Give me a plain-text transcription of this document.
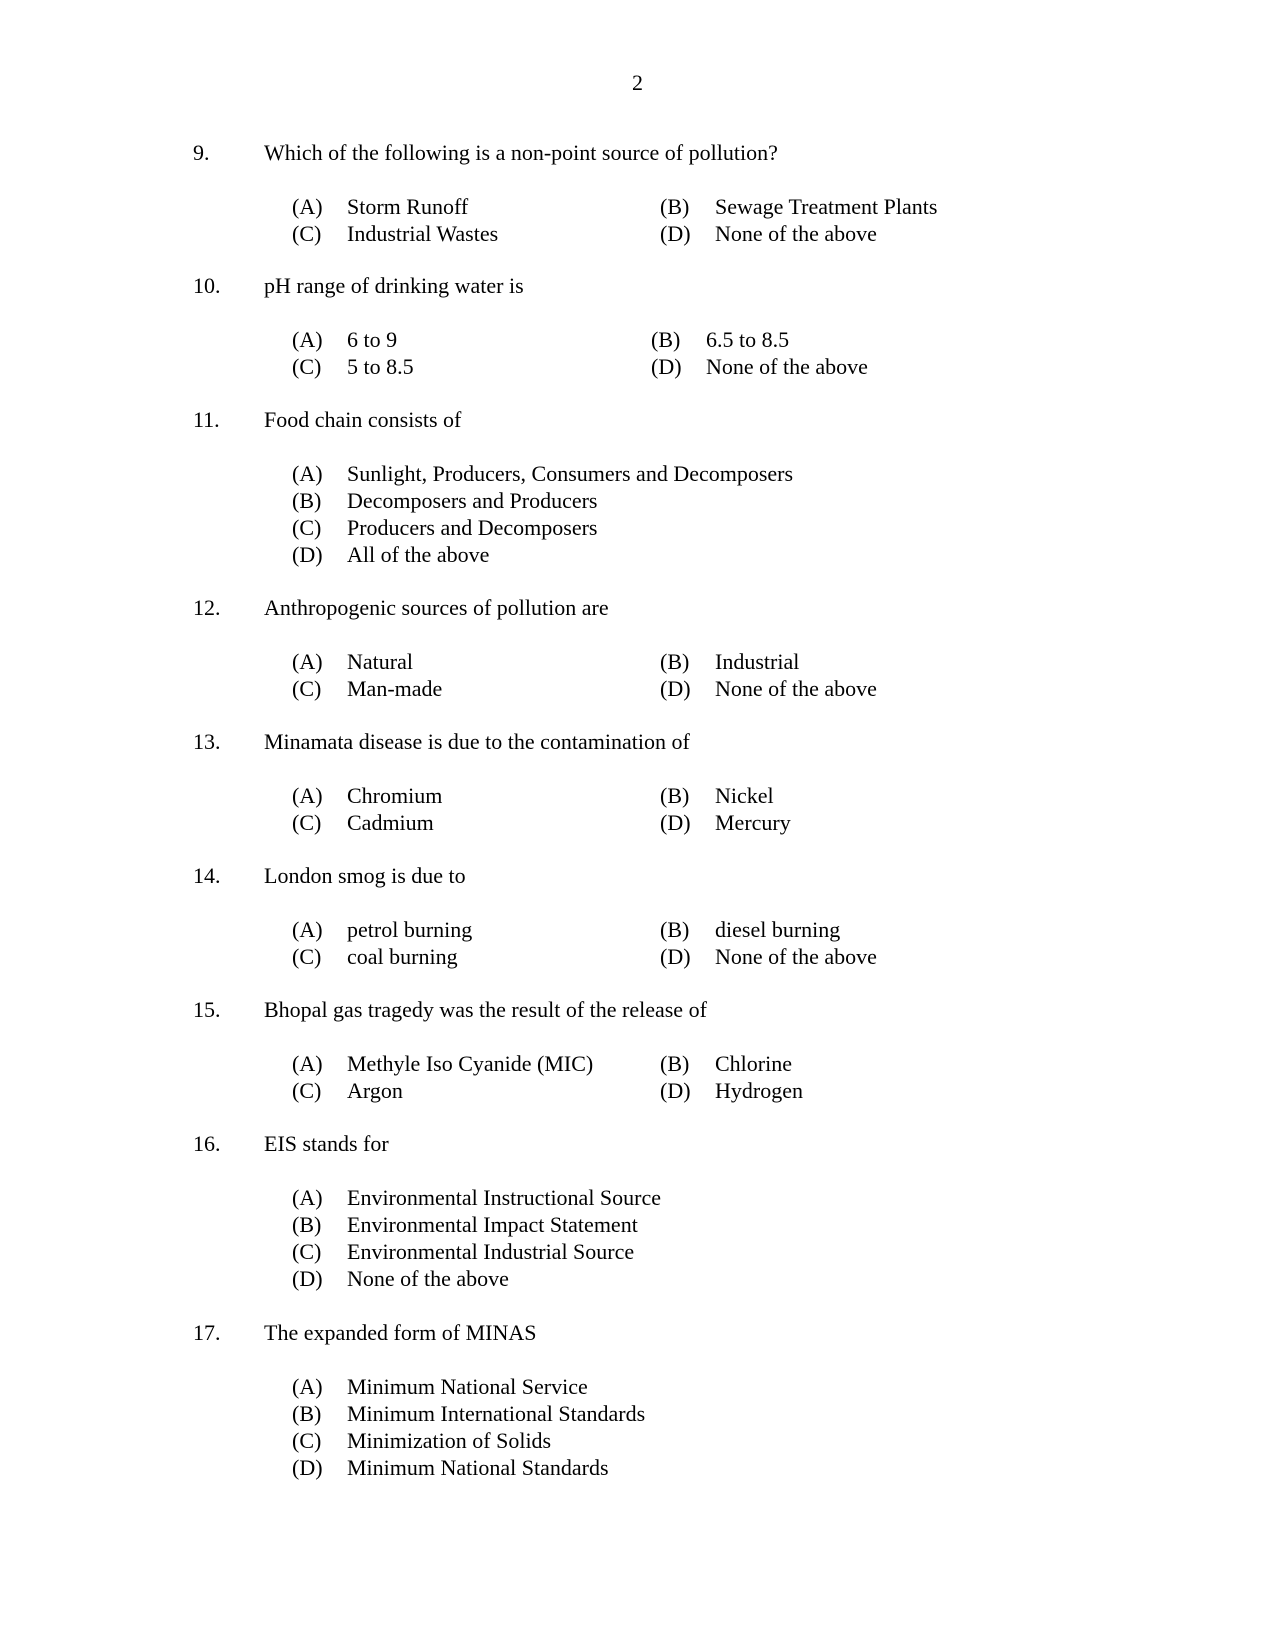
2
9. Which of the following is a non-point source of pollution?
(A) Storm Runoff	(B) Sewage Treatment Plants
(C) Industrial Wastes	(D) None of the above
10. pH range of drinking water is
(A) 6 to 9	(B) 6.5 to 8.5
(C) 5 to 8.5	(D) None of the above
11. Food chain consists of
(A) Sunlight, Producers, Consumers and Decomposers
(B) Decomposers and Producers
(C) Producers and Decomposers
(D) All of the above
12. Anthropogenic sources of pollution are
(A) Natural	(B) Industrial
(C) Man-made	(D) None of the above
13. Minamata disease is due to the contamination of
(A) Chromium	(B) Nickel
(C) Cadmium	(D) Mercury
14. London smog is due to
(A) petrol burning	(B) diesel burning
(C) coal burning	(D) None of the above
15. Bhopal gas tragedy was the result of the release of
(A) Methyle Iso Cyanide (MIC)	(B) Chlorine
(C) Argon	(D) Hydrogen
16. EIS stands for
(A) Environmental Instructional Source
(B) Environmental Impact Statement
(C) Environmental Industrial Source
(D) None of the above
17. The expanded form of MINAS
(A) Minimum National Service
(B) Minimum International Standards
(C) Minimization of Solids
(D) Minimum National Standards
